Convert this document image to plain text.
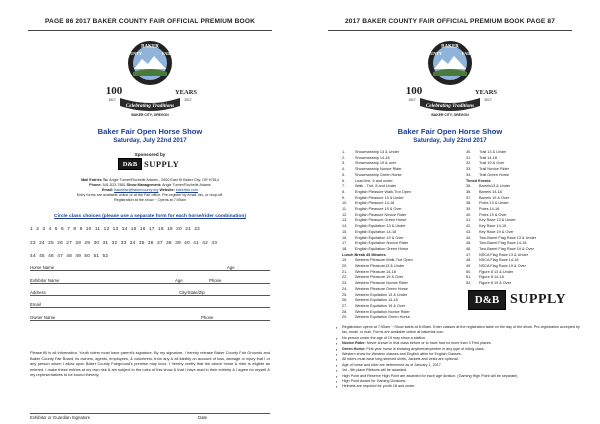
PAGE 86 2017 BAKER COUNTY FAIR OFFICIAL PREMIUM BOOK
BAKER
COUNTY	FAIR
100	YEARS
1917	2017
Celebrating Traditions
BAKER CITY, OREGON
Baker Fair Open Horse Show
Saturday, July 22nd 2017
Sponsored by
D&B SUPPLY
Mail Entries To: Angie Turner/Rochelle Adams - 2600 East St Baker City, OR 97814
Phone: 541-523-7881 Show Management: Angie Turner/Rochelle Adams
Email: bakerfair@bakercounty.org Website: bakerfair.com
Entry forms are available online or at the Fair office. Pre-register by email, fax, or drop-off.
Registration at the show ~ Opens at 7:00am
Circle class choices (please use a separate form for each horse/rider combination)
1 2 3 4 5 6 7 8 9 10 11 12 13 14 15 16 17 18 19 20 21 22
23 24 25 26 27 28 29 30 31 32 33 34 35 36 37 38 39 40 41 42 43
44 45 46 47 48 49 50 51 52
Horse Name	Age
Exhibitor Name	Age	Phone
Address	City/State/Zip
Email
Owner Name	Phone
Please fill in all information. Youth riders must have parent's signature. By my signature, I hereby release Baker County Fair Grounds and Baker County Fair Board, its owners, agents, employees, & volunteers, from any & all liability on account of loss, damage or injury that I or any person whom I allow upon Baker County Fairground's premise may incur. I hereby certify that the above horse & rider is eligible as entered. I make these entries at my own risk & am subject to the rules of this show & that I have read in their entirety & I agree for myself & my representatives to be bound thereby.
Exhibitor or Guardian Signature	Date
2017 BAKER COUNTY FAIR OFFICIAL PREMIUM BOOK PAGE 87
BAKER
COUNTY	FAIR
100	YEARS
1917	2017
Celebrating Traditions
BAKER CITY, OREGON
Baker Fair Open Horse Show
Saturday, July 22nd 2017
1.	Showmanship 13 & Under
2.	Showmanship 14-18
3.	Showmanship 19 & over
4.	Showmanship Novice Rider
5.	Showmanship Green Horse
6.	Lead line, 6 and under
7.	Walk - Trot, 8 and Under
8.	English Pleasure Walk-Trot Open
9.	English Pleasure 13 & Under
10. English Pleasure 14-18
11. English Pleasure 19 & Over
12. English Pleasure Novice Rider
13. English Pleasure Green Horse
14. English Equitation 13 & Under
15. English Equitation 14-18
16. English Equitation 19 & Over
17. English Equitation Novice Rider
18. English Equitation Green Horse
Lunch Break 45 Minutes
19. Western Pleasure Walk-Trot Open
20. Western Pleasure13 & Under
21. Western Pleasure 14-18
22. Western Pleasure 19 & Over
23. Western Pleasure Novice Rider
24. Western Pleasure Green Horse
25. Western Equitation 13 & Under
26. Western Equitation 14-18
27. Western Equitation 19 & Over
28. Western Equitation Novice Rider
29. Western Equitation Green Horse
30. Trail 13 & Under
31. Trail 14-18
32. Trail 19 & Over
33. Trail Novice Rider
34. Trail Green Horse
Timed Events
35. Barrels13 & Under
36. Barrels 14-18
37. Barrels 19 & Over
38. Poles 13 & Under
39. Poles 14-18
40. Poles 19 & Over
41. Key Race 13 & Under
42. Key Race 14-18
43. Key Race 19 & Over
44. Two-Barrel Flag Race 13 & Under
45. Two-Barrel Flag Race 14-18
46. Two-Barrel Flag Race 19 & Over
47. NSCA Flag Race 13 & Under
48. NSCA Flag Race 14-18
49. NSCA Flag Race 19 & Over
50. Figure 8 13 & Under
51. Figure 8 14-18
52. Figure 8 19 & Over
D&B SUPPLY
▪ Registration opens at 7:00am ~ Show starts at 8:00am. Enter classes at the registration table on the day of the show. Pre-registration accepted by fax, email, or mail. Forms are available online at bakerfair.com
▪ No person under the age of 19 may show a stallion.
▪ Novice Rider: Never shown in that class before or to have had no more than 3 First places.
▪ Green Horse: First year horse is showing anytime/anywhere in any type of riding class.
▪ Western show for Western classes and English attire for English Classes.
▪ All riders must wear long sleeved shirts, Jackets and vests are optional.
▪ Age of horse and rider are determined as of January 1, 2017.
▪ 1st - 6th place Ribbons will be awarded.
▪ High Point and Reserve High Point are awarded for each age division. (Gaming High Point will be separate)
▪ High Point Award for Gaming Divisions.
▪ Helmets are required for youth 18 and under.
